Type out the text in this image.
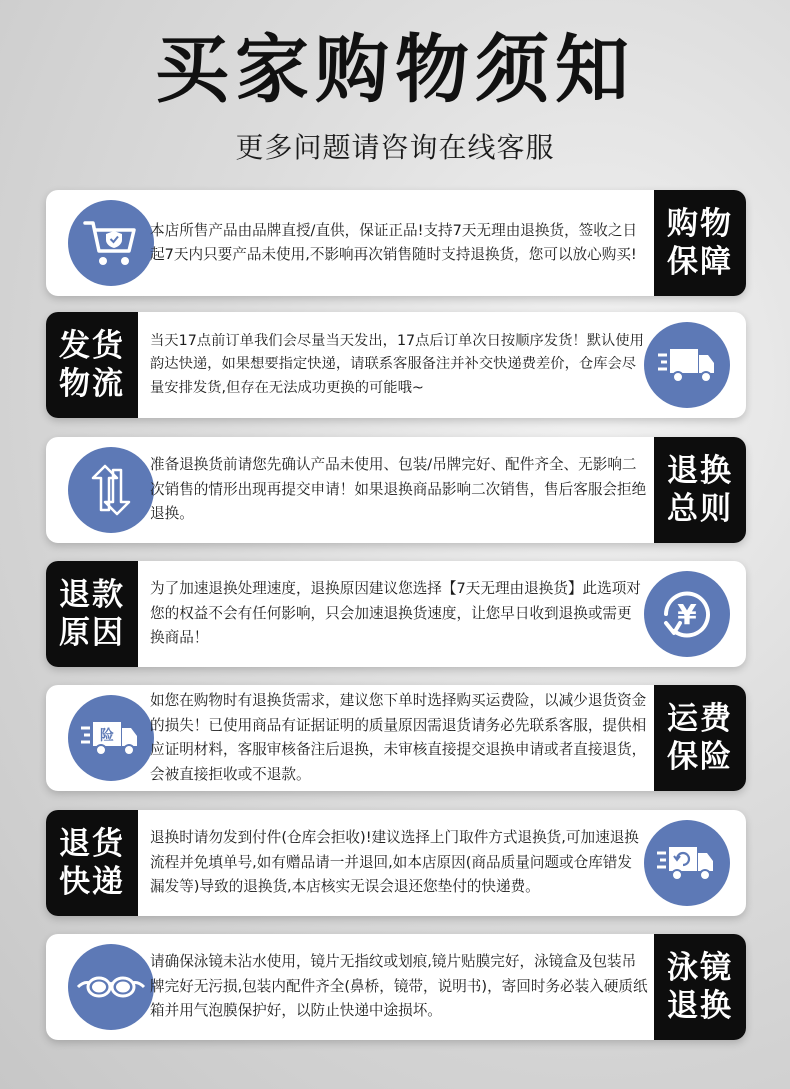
买家购物须知
更多问题请咨询在线客服

本店所售产品由品牌直授/直供，保证正品!支持7天无理由退换货，签收之日起7天内只要产品未使用,不影响再次销售随时支持退换货，您可以放心购买!

购物
保障
发货
物流

当天17点前订单我们会尽量当天发出，17点后订单次日按顺序发货！默认使用韵达快递，如果想要指定快递，请联系客服备注并补交快递费差价，仓库会尽量安排发货,但存在无法成功更换的可能哦~

准备退换货前请您先确认产品未使用、包装/吊牌完好、配件齐全、无影响二次销售的情形出现再提交申请！如果退换商品影响二次销售，售后客服会拒绝退换。

退换
总则
退款
原因

为了加速退换处理速度，退换原因建议您选择【7天无理由退换货】此选项对您的权益不会有任何影响，只会加速退换货速度，让您早日收到退换或需更换商品！

¥
险

如您在购物时有退换货需求，建议您下单时选择购买运费险，以减少退货资金的损失！已使用商品有证据证明的质量原因需退货请务必先联系客服，提供相应证明材料，客服审核备注后退换，未审核直接提交退换申请或者直接退货，会被直接拒收或不退款。

运费
保险
退货
快递

退换时请勿发到付件(仓库会拒收)!建议选择上门取件方式退换货,可加速退换流程并免填单号,如有赠品请一并退回,如本店原因(商品质量问题或仓库错发漏发等)导致的退换货,本店核实无误会退还您垫付的快递费。

请确保泳镜未沾水使用，镜片无指纹或划痕,镜片贴膜完好，泳镜盒及包装吊牌完好无污损,包装内配件齐全(鼻桥，镜带，说明书)，寄回时务必装入硬质纸箱并用气泡膜保护好，以防止快递中途损坏。

泳镜
退换
